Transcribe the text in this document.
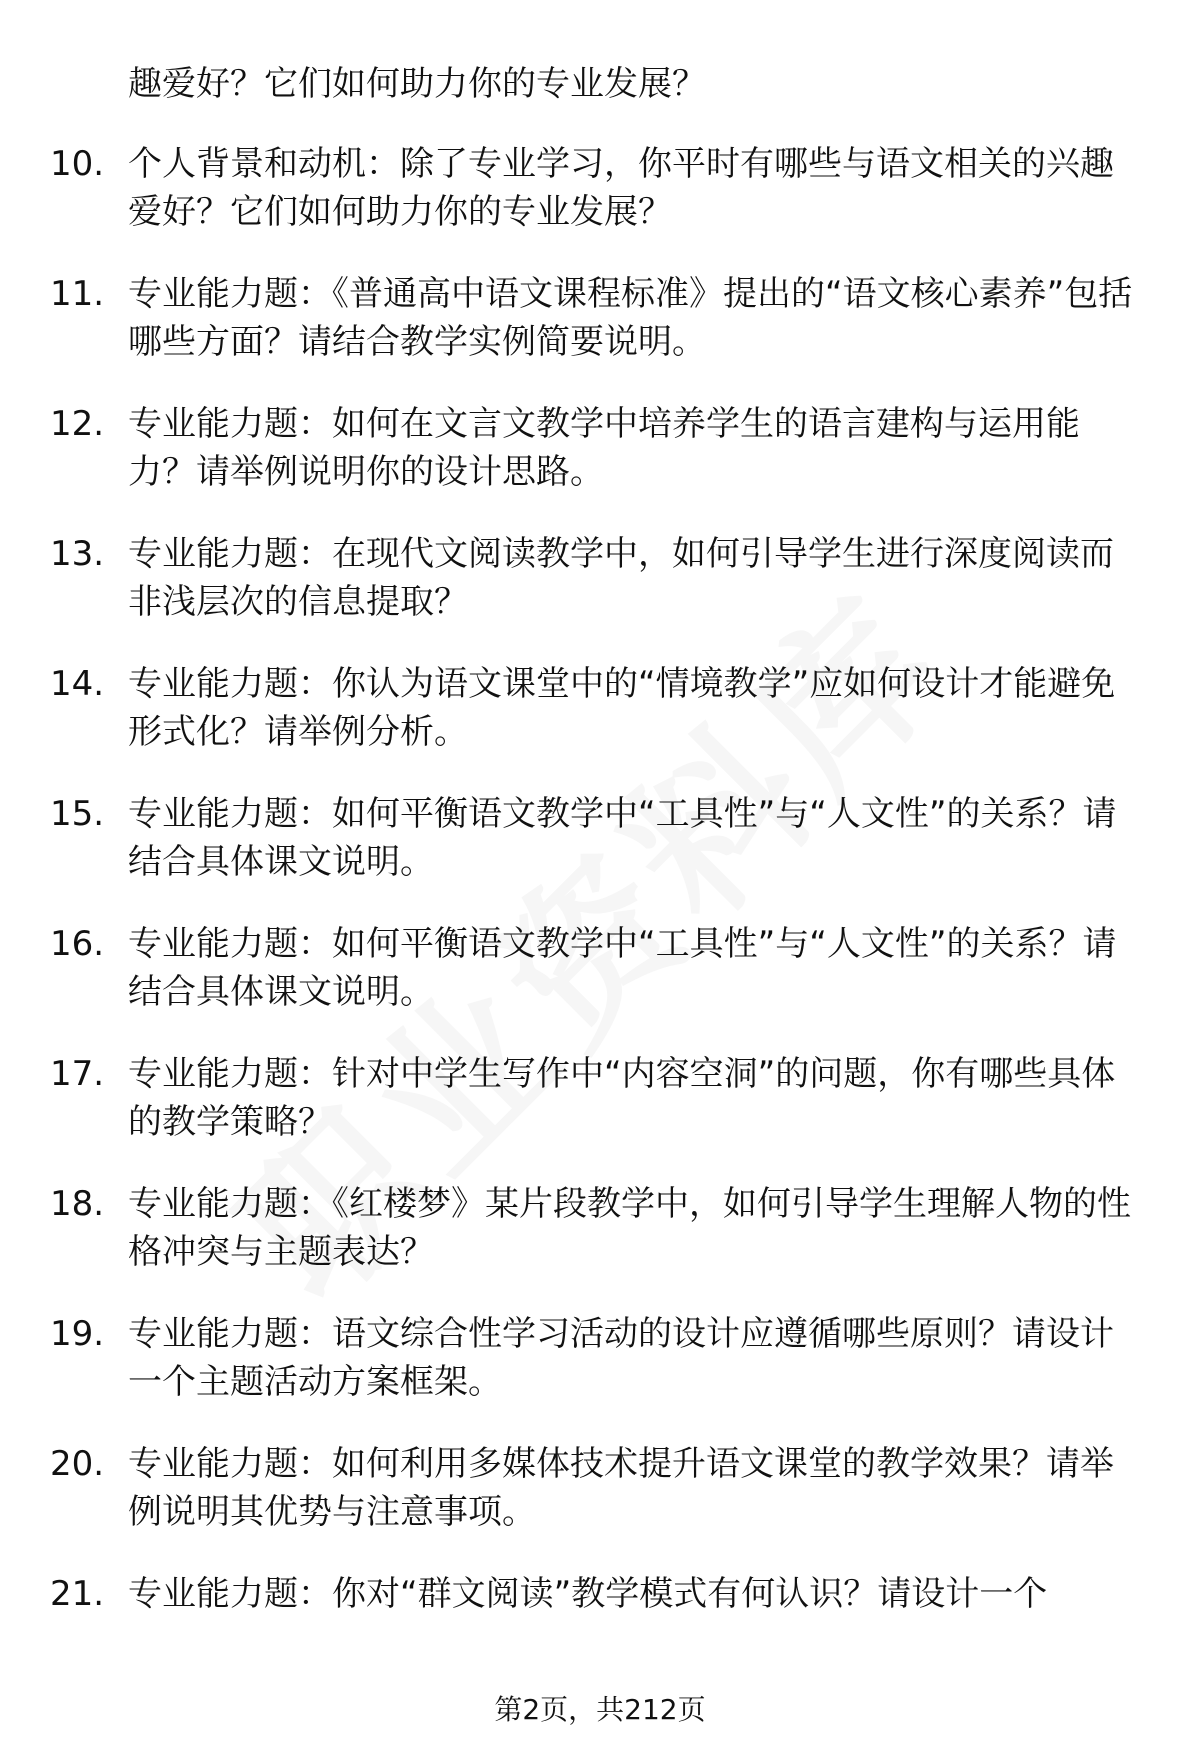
趣爱好？它们如何助力你的专业发展？

10. 个人背景和动机：除了专业学习，你平时有哪些与语文相关的兴趣爱好？它们如何助力你的专业发展？

11. 专业能力题：《普通高中语文课程标准》提出的“语文核心素养”包括哪些方面？请结合教学实例简要说明。

12. 专业能力题：如何在文言文教学中培养学生的语言建构与运用能力？请举例说明你的设计思路。

13. 专业能力题：在现代文阅读教学中，如何引导学生进行深度阅读而非浅层次的信息提取？

14. 专业能力题：你认为语文课堂中的“情境教学”应如何设计才能避免形式化？请举例分析。

15. 专业能力题：如何平衡语文教学中“工具性”与“人文性”的关系？请结合具体课文说明。

16. 专业能力题：如何平衡语文教学中“工具性”与“人文性”的关系？请结合具体课文说明。

17. 专业能力题：针对中学生写作中“内容空洞”的问题，你有哪些具体的教学策略？

18. 专业能力题：《红楼梦》某片段教学中，如何引导学生理解人物的性格冲突与主题表达？

19. 专业能力题：语文综合性学习活动的设计应遵循哪些原则？请设计一个主题活动方案框架。

20. 专业能力题：如何利用多媒体技术提升语文课堂的教学效果？请举例说明其优势与注意事项。

21. 专业能力题：你对“群文阅读”教学模式有何认识？请设计一个

第2页，共212页
